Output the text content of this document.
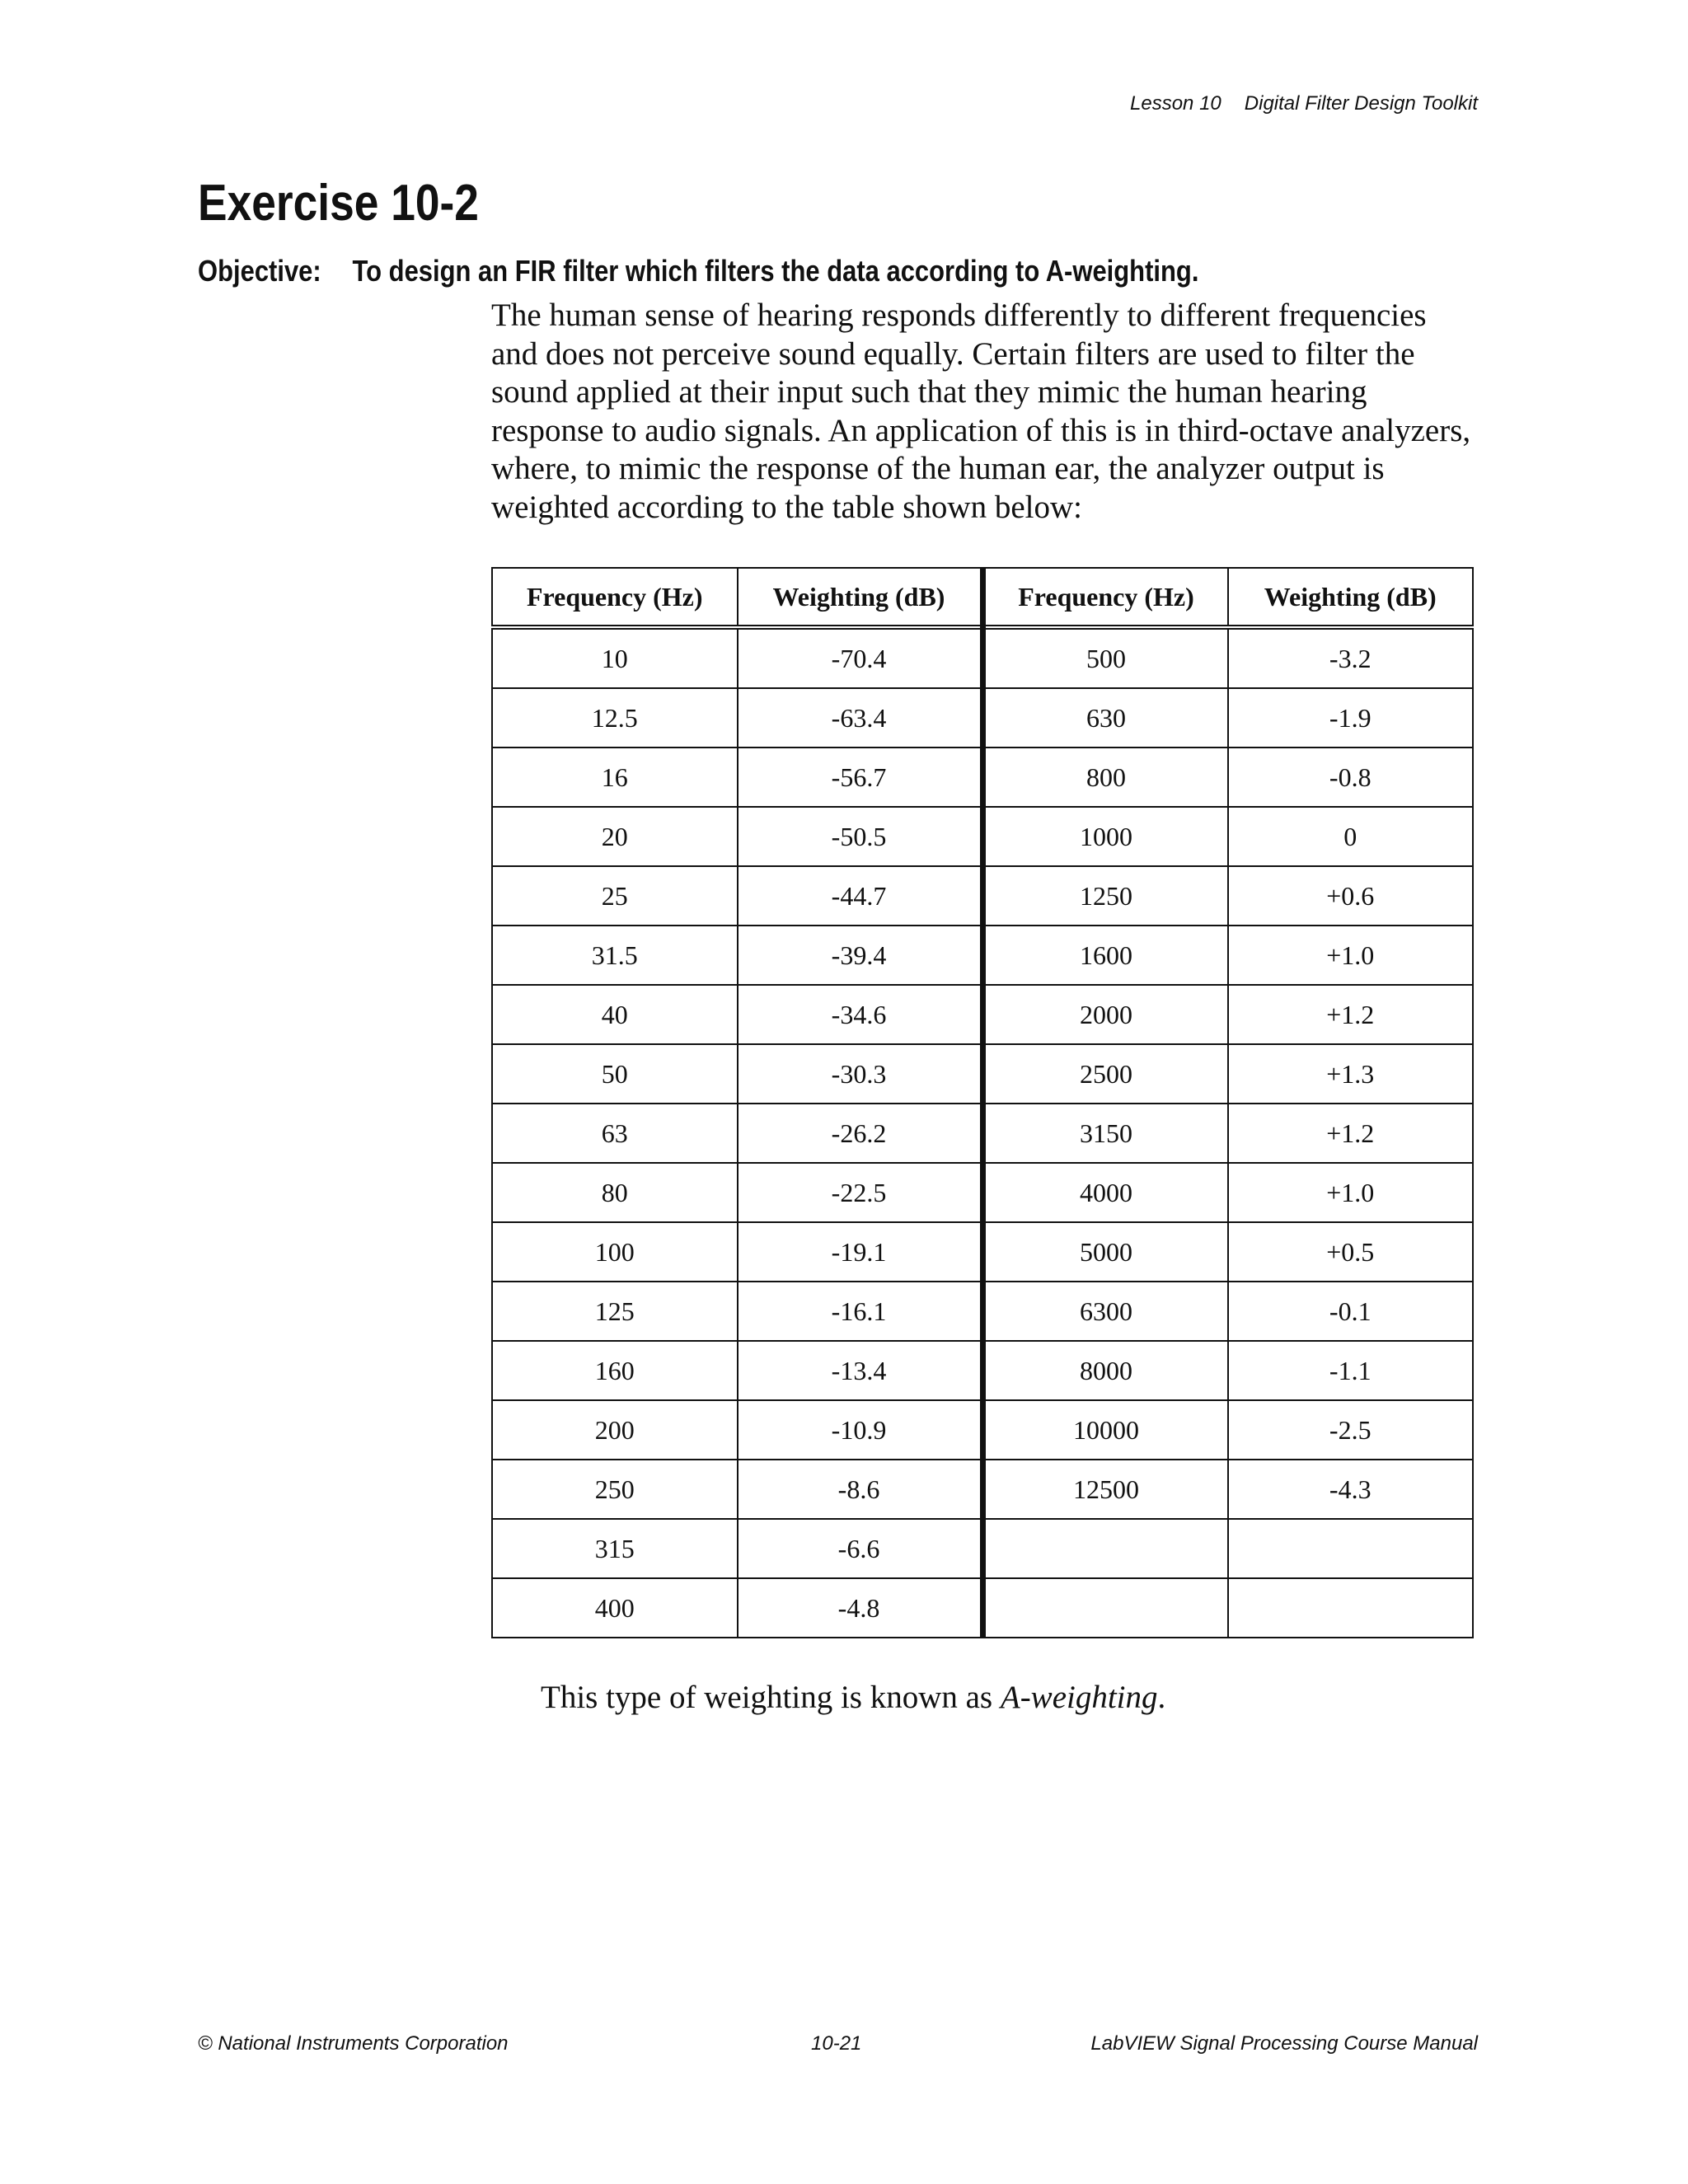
Lesson 10 Digital Filter Design Toolkit
Exercise 10-2
Objective: To design an FIR filter which filters the data according to A-weighting.

The human sense of hearing responds differently to different frequencies and does not perceive sound equally. Certain filters are used to filter the sound applied at their input such that they mimic the human hearing response to audio signals. An application of this is in third-octave analyzers, where, to mimic the response of the human ear, the analyzer output is weighted according to the table shown below:

Frequency (Hz)	Weighting (dB)	Frequency (Hz)	Weighting (dB)
10	-70.4	500	-3.2
12.5	-63.4	630	-1.9
16	-56.7	800	-0.8
20	-50.5	1000	0
25	-44.7	1250	+0.6
31.5	-39.4	1600	+1.0
40	-34.6	2000	+1.2
50	-30.3	2500	+1.3
63	-26.2	3150	+1.2
80	-22.5	4000	+1.0
100	-19.1	5000	+0.5
125	-16.1	6300	-0.1
160	-13.4	8000	-1.1
200	-10.9	10000	-2.5
250	-8.6	12500	-4.3
315	-6.6		
400	-4.8		

This type of weighting is known as A-weighting.

© National Instruments Corporation	10-21	LabVIEW Signal Processing Course Manual
